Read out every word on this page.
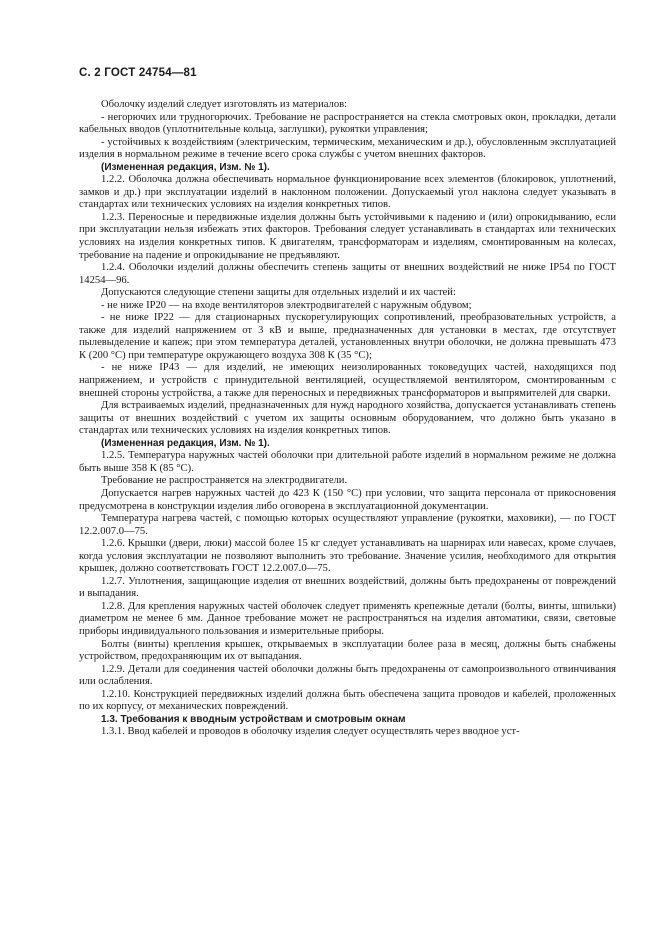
С. 2 ГОСТ 24754—81

Оболочку изделий следует изготовлять из материалов:

- негорючих или трудногорючих. Требование не распространяется на стекла смотровых окон, прокладки, детали кабельных вводов (уплотнительные кольца, заглушки), рукоятки управления;

- устойчивых к воздействиям (электрическим, термическим, механическим и др.), обусловленным эксплуатацией изделия в нормальном режиме в течение всего срока службы с учетом внешних факторов.

(Измененная редакция, Изм. № 1).

1.2.2. Оболочка должна обеспечивать нормальное функционирование всех элементов (блокировок, уплотнений, замков и др.) при эксплуатации изделий в наклонном положении. Допускаемый угол наклона следует указывать в стандартах или технических условиях на изделия конкретных типов.

1.2.3. Переносные и передвижные изделия должны быть устойчивыми к падению и (или) опрокидыванию, если при эксплуатации нельзя избежать этих факторов. Требования следует устанавливать в стандартах или технических условиях на изделия конкретных типов. К двигателям, трансформаторам и изделиям, смонтированным на колесах, требование на падение и опрокидывание не предъявляют.

1.2.4. Оболочки изделий должны обеспечить степень защиты от внешних воздействий не ниже IP54 по ГОСТ 14254—96.

Допускаются следующие степени защиты для отдельных изделий и их частей:

- не ниже IP20 — на входе вентиляторов электродвигателей с наружным обдувом;

- не ниже IP22 — для стационарных пускорегулирующих сопротивлений, преобразовательных устройств, а также для изделий напряжением от 3 кВ и выше, предназначенных для установки в местах, где отсутствует пылевыделение и капеж; при этом температура деталей, установленных внутри оболочки, не должна превышать 473 К (200 °С) при температуре окружающего воздуха 308 К (35 °С);

- не ниже IP43 — для изделий, не имеющих неизолированных токоведущих частей, находящихся под напряжением, и устройств с принудительной вентиляцией, осуществляемой вентилятором, смонтированным с внешней стороны устройства, а также для переносных и передвижных трансформаторов и выпрямителей для сварки.

Для встраиваемых изделий, предназначенных для нужд народного хозяйства, допускается устанавливать степень защиты от внешних воздействий с учетом их защиты основным оборудованием, что должно быть указано в стандартах или технических условиях на изделия конкретных типов.

(Измененная редакция, Изм. № 1).

1.2.5. Температура наружных частей оболочки при длительной работе изделий в нормальном режиме не должна быть выше 358 К (85 °С).

Требование не распространяется на электродвигатели.

Допускается нагрев наружных частей до 423 К (150 °С) при условии, что защита персонала от прикосновения предусмотрена в конструкции изделия либо оговорена в эксплуатационной документации.

Температура нагрева частей, с помощью которых осуществляют управление (рукоятки, маховики), — по ГОСТ 12.2.007.0—75.

1.2.6. Крышки (двери, люки) массой более 15 кг следует устанавливать на шарнирах или навесах, кроме случаев, когда условия эксплуатации не позволяют выполнить это требование. Значение усилия, необходимого для открытия крышек, должно соответствовать ГОСТ 12.2.007.0—75.

1.2.7. Уплотнения, защищающие изделия от внешних воздействий, должны быть предохранены от повреждений и выпадания.

1.2.8. Для крепления наружных частей оболочек следует применять крепежные детали (болты, винты, шпильки) диаметром не менее 6 мм. Данное требование может не распространяться на изделия автоматики, связи, световые приборы индивидуального пользования и измерительные приборы.

Болты (винты) крепления крышек, открываемых в эксплуатации более раза в месяц, должны быть снабжены устройством, предохраняющим их от выпадания.

1.2.9. Детали для соединения частей оболочки должны быть предохранены от самопроизвольного отвинчивания или ослабления.

1.2.10. Конструкцией передвижных изделий должна быть обеспечена защита проводов и кабелей, проложенных по их корпусу, от механических повреждений.

1.3. Требования к вводным устройствам и смотровым окнам

1.3.1. Ввод кабелей и проводов в оболочку изделия следует осуществлять через вводное уст-
